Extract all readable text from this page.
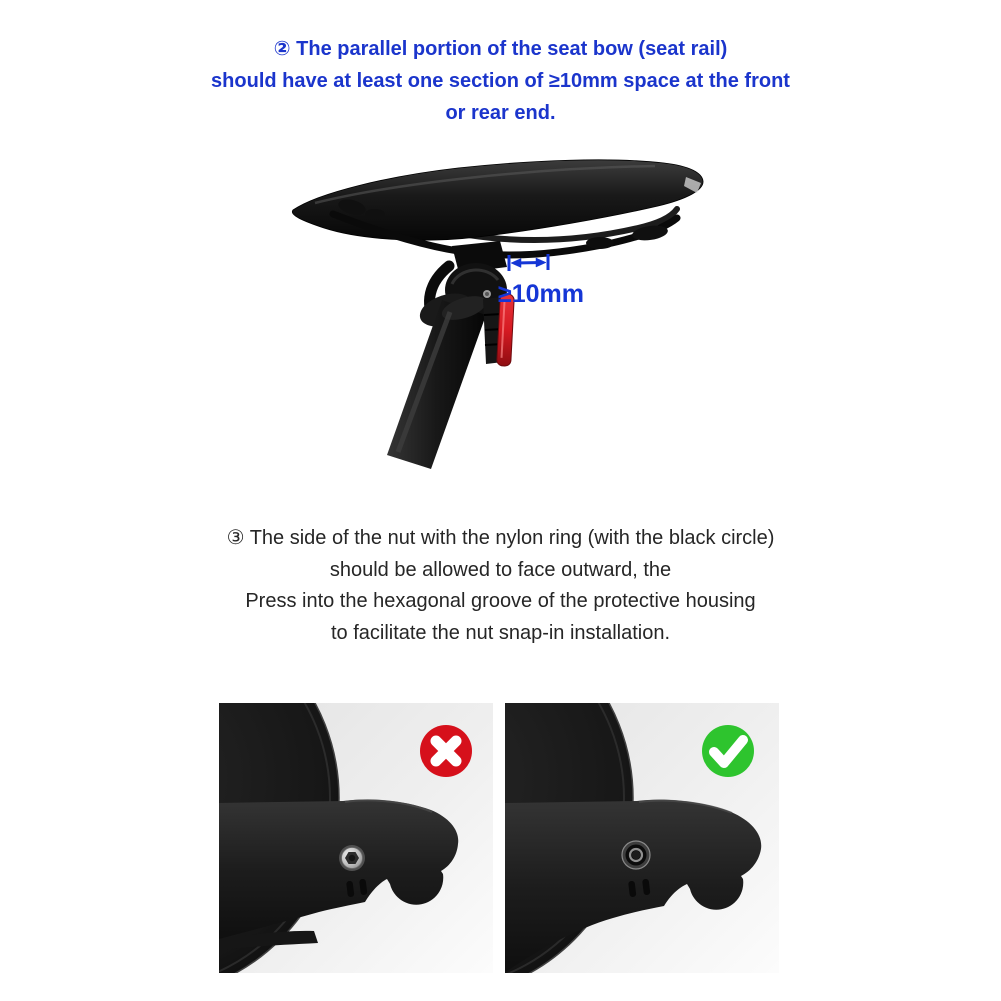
② The parallel portion of the seat bow (seat rail)
should have at least one section of ≥10mm space at the front
or rear end.
≥10mm
③ The side of the nut with the nylon ring (with the black circle)
should be allowed to face outward, the
Press into the hexagonal groove of the protective housing
to facilitate the nut snap-in installation.
